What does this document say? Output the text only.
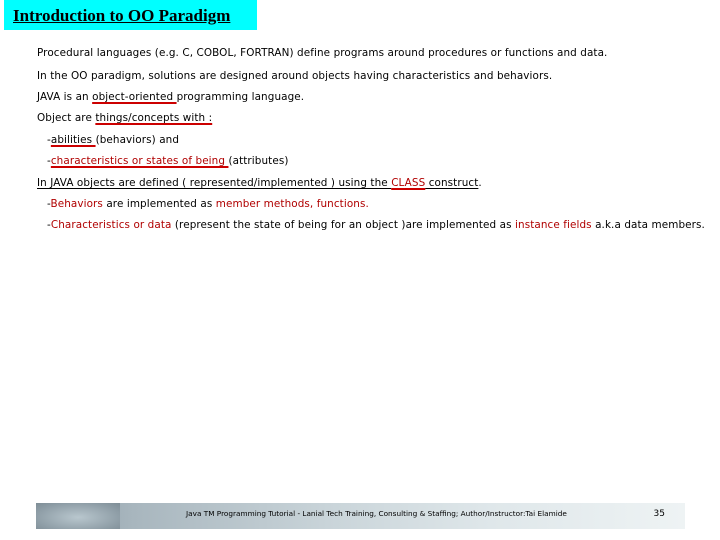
Introduction to OO Paradigm
Procedural languages (e.g. C, COBOL, FORTRAN) define programs around procedures or functions and data.
In the OO paradigm, solutions are designed around objects having characteristics and behaviors.
JAVA is an object-oriented programming language.
Object are things/concepts with :
-abilities (behaviors) and
-characteristics or states of being (attributes)
In JAVA objects are defined ( represented/implemented ) using the CLASS construct.
-Behaviors are implemented as member methods, functions.
-Characteristics or data (represent the state of being for an object )are implemented as instance fields a.k.a data members.
Java TM Programming Tutorial - Lanial Tech Training, Consulting & Staffing; Author/Instructor:Tai Elamide	35
